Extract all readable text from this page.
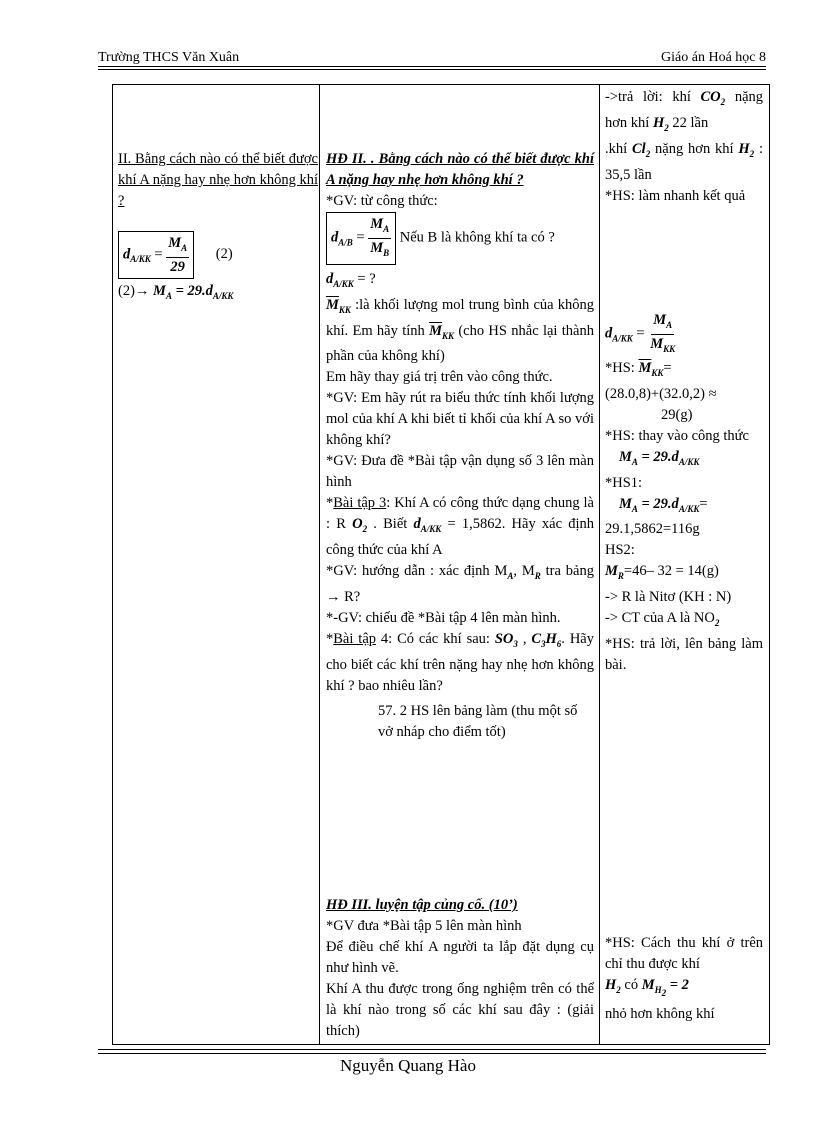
Trường THCS Văn Xuân	Giáo án Hoá học 8

II. Bằng cách nào có thể biết được khí A nặng hay nhẹ hơn không khí ?

$d_{A/KK} = \frac{M_A}{29} (2)$
$(2)\to M_A = 29.d_{A/KK}$

HĐ II. . Bằng cách nào có thể biết được khí A nặng hay nhẹ hơn không khí ?

*GV: từ công thức:

$d_{A/B} = \frac{M_A}{M_B}$ Nếu B là không khí ta có ?

$d_{A/KK}$ = ?

$\overline{M}_{KK}$ :là khối lượng mol trung bình của không khí. Em hãy tính $\overline{M}_{KK}$ (cho HS nhắc lại thành phần của không khí)

Em hãy thay giá trị trên vào công thức.

*GV: Em hãy rút ra biểu thức tính khối lượng mol của khí A khi biết tỉ khối của khí A so với không khí?

*GV: Đưa đề *Bài tập vận dụng số 3 lên màn hình

*Bài tập 3: Khí A có công thức dạng chung là : R $O_2$ . Biết $d_{A/KK} = 1,5862$. Hãy xác định công thức của khí A

*GV: hướng dẫn : xác định $M_A$, $M_R$ tra bảng → R?

*-GV: chiếu đề *Bài tập 4 lên màn hình.

*Bài tập 4: Có các khí sau: $SO_3$ , $C_3H_6$. Hãy cho biết các khí trên nặng hay nhẹ hơn không khí ? bao nhiêu lần?

57. 2 HS lên bảng làm (thu một số vở nháp cho điểm tốt)

HĐ III. luyện tập củng cố. (10’)

*GV đưa *Bài tập 5 lên màn hình

Để điều chế khí A người ta lắp đặt dụng cụ như hình vẽ.

Khí A thu được trong ống nghiệm trên có thể là khí nào trong số các khí sau đây : (giải thích)

->trả lời: khí $CO_2$ nặng hơn khí $H_2$ 22 lần

.khí $Cl_2$ nặng hơn khí $H_2$ : 35,5 lần

*HS: làm nhanh kết quả

$d_{A/KK} = \frac{M_A}{M_{KK}}$

*HS: $\overline{M}_{KK}=$

(28.0,8)+(32.0,2) ≈

29(g)

*HS: thay vào công thức

$M_A = 29.d_{A/KK}$

*HS1:

$M_A = 29.d_{A/KK}=$

29.1,5862=116g

HS2:

$M_R=46-$ 32 = 14(g)

-> R là Nitơ (KH : N)

-> CT của A là $NO_2$

*HS: trả lời, lên bảng làm bài.

*HS: Cách thu khí ở trên chỉ thu được khí

$H_2$ có $M_{H_2} = 2$

nhỏ hơn không khí

Nguyễn Quang Hào
